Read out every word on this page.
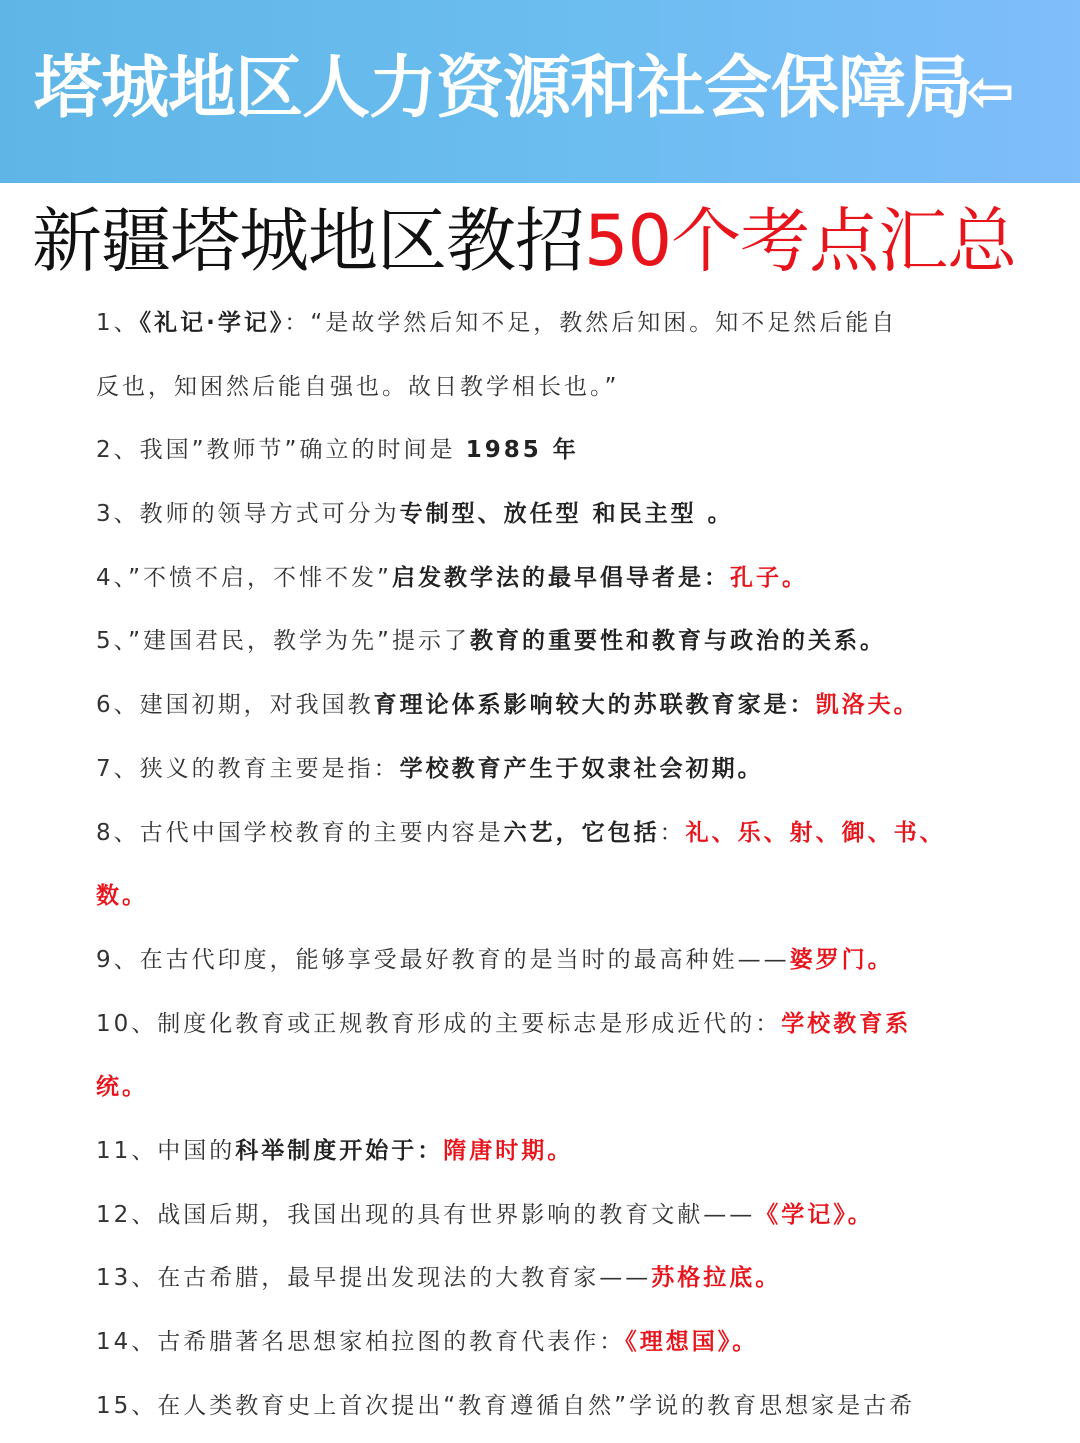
塔城地区人力资源和社会保障局
⇦
新疆塔城地区教招50个考点汇总
1、《礼记·学记》：“是故学然后知不足，教然后知困。知不足然后能自
反也，知困然后能自强也。故日教学相长也。”
2、我国”教师节”确立的时间是 1985 年
3、教师的领导方式可分为专制型、放任型 和民主型 。
4、”不愤不启，不悱不发”启发教学法的最早倡导者是：孔子。
5、”建国君民，教学为先”提示了教育的重要性和教育与政治的关系。
6、建国初期，对我国教育理论体系影响较大的苏联教育家是：凯洛夫。
7、狭义的教育主要是指：学校教育产生于奴隶社会初期。
8、古代中国学校教育的主要内容是六艺，它包括：礼、乐、射、御、书、
数。
9、在古代印度，能够享受最好教育的是当时的最高种姓——婆罗门。
10、制度化教育或正规教育形成的主要标志是形成近代的：学校教育系
统。
11、中国的科举制度开始于：隋唐时期。
12、战国后期，我国出现的具有世界影响的教育文献——《学记》。
13、在古希腊，最早提出发现法的大教育家——苏格拉底。
14、古希腊著名思想家柏拉图的教育代表作：《理想国》。
15、在人类教育史上首次提出“教育遵循自然”学说的教育思想家是古希
